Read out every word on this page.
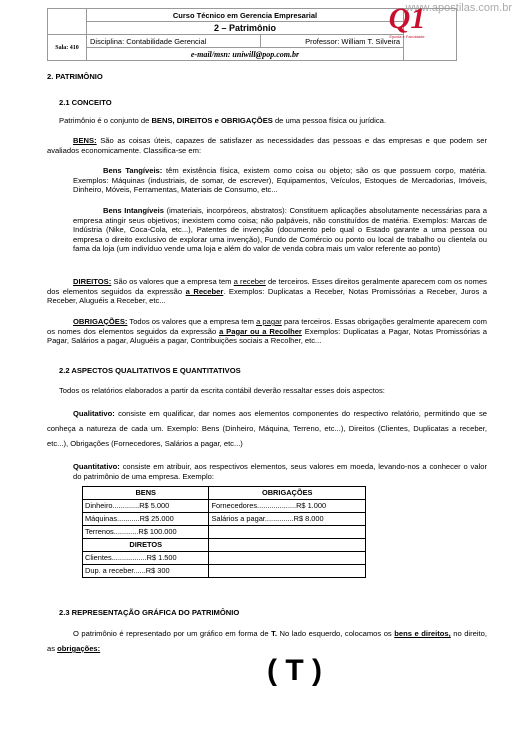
www.apostilas.com.br
	Curso Técnico em Gerencia Empresarial		
	2 – Patrimônio		
Sala: 410	Disciplina: Contabilidade Gerencial	Professor: William T. Silveira	
	e-mail/msn: uniwill@pop.com.br		
Q1
Escola e Faculdade
2. PATRIMÔNIO
2.1 CONCEITO

Patrimônio é o conjunto de BENS, DIREITOS e OBRIGAÇÕES de uma pessoa física ou jurídica.

BENS: São as coisas úteis, capazes de satisfazer as necessidades das pessoas e das empresas e que podem ser avaliados economicamente. Classifica-se em:

Bens Tangíveis: têm existência física, existem como coisa ou objeto; são os que possuem corpo, matéria. Exemplos: Máquinas (industriais, de somar, de escrever), Equipamentos, Veículos, Estoques de Mercadorias, Imóveis, Dinheiro, Móveis, Ferramentas, Materiais de Consumo, etc...

Bens Intangíveis (imateriais, incorpóreos, abstratos): Constituem aplicações absolutamente necessárias para a empresa atingir seus objetivos; inexistem como coisa; não palpáveis, não constituídos de matéria. Exemplos: Marcas de Indústria (Nike, Coca-Cola, etc...), Patentes de invenção (documento pelo qual o Estado garante a uma pessoa ou empresa o direito exclusivo de explorar uma invenção), Fundo de Comércio ou ponto ou local de trabalho ou clientela ou fama da loja (um indivíduo vende uma loja e além do valor de venda cobra mais um valor referente ao ponto)

DIREITOS: São os valores que a empresa tem a receber de terceiros. Esses direitos geralmente aparecem com os nomes dos elementos seguidos da expressão a Receber. Exemplos: Duplicatas a Receber, Notas Promissórias a Receber, Juros a Receber, Aluguéis a Receber, etc...

OBRIGAÇÕES: Todos os valores que a empresa tem a pagar para terceiros. Essas obrigações geralmente aparecem com os nomes dos elementos seguidos da expressão a Pagar ou a Recolher Exemplos: Duplicatas a Pagar, Notas Promissórias a Pagar, Salários a pagar, Aluguéis a pagar, Contribuições sociais a Recolher, etc...

2.2 ASPECTOS QUALITATIVOS E QUANTITATIVOS

Todos os relatórios elaborados a partir da escrita contábil deverão ressaltar esses dois aspectos:

Qualitativo: consiste em qualificar, dar nomes aos elementos componentes do respectivo relatório, permitindo que se conheça a natureza de cada um. Exemplo: Bens (Dinheiro, Máquina, Terreno, etc...), Direitos (Clientes, Duplicatas a receber, etc...), Obrigações (Fornecedores, Salários a pagar, etc...)

Quantitativo: consiste em atribuir, aos respectivos elementos, seus valores em moeda, levando-nos a conhecer o valor do patrimônio de uma empresa. Exemplo:

BENS	OBRIGAÇÕES
Dinheiro.............R$ 5.000	Fornecedores...................R$ 1.000
Máquinas...........R$ 25.000	Salários a pagar..............R$ 8.000
Terrenos............R$ 100.000	
DIRETOS	
Clientes.................R$ 1.500	
Dup. a receber......R$ 300	
2.3 REPRESENTAÇÃO GRÁFICA DO PATRIMÔNIO

O patrimônio é representado por um gráfico em forma de T. No lado esquerdo, colocamos os bens e direitos, no direito, as obrigações:

( T )
